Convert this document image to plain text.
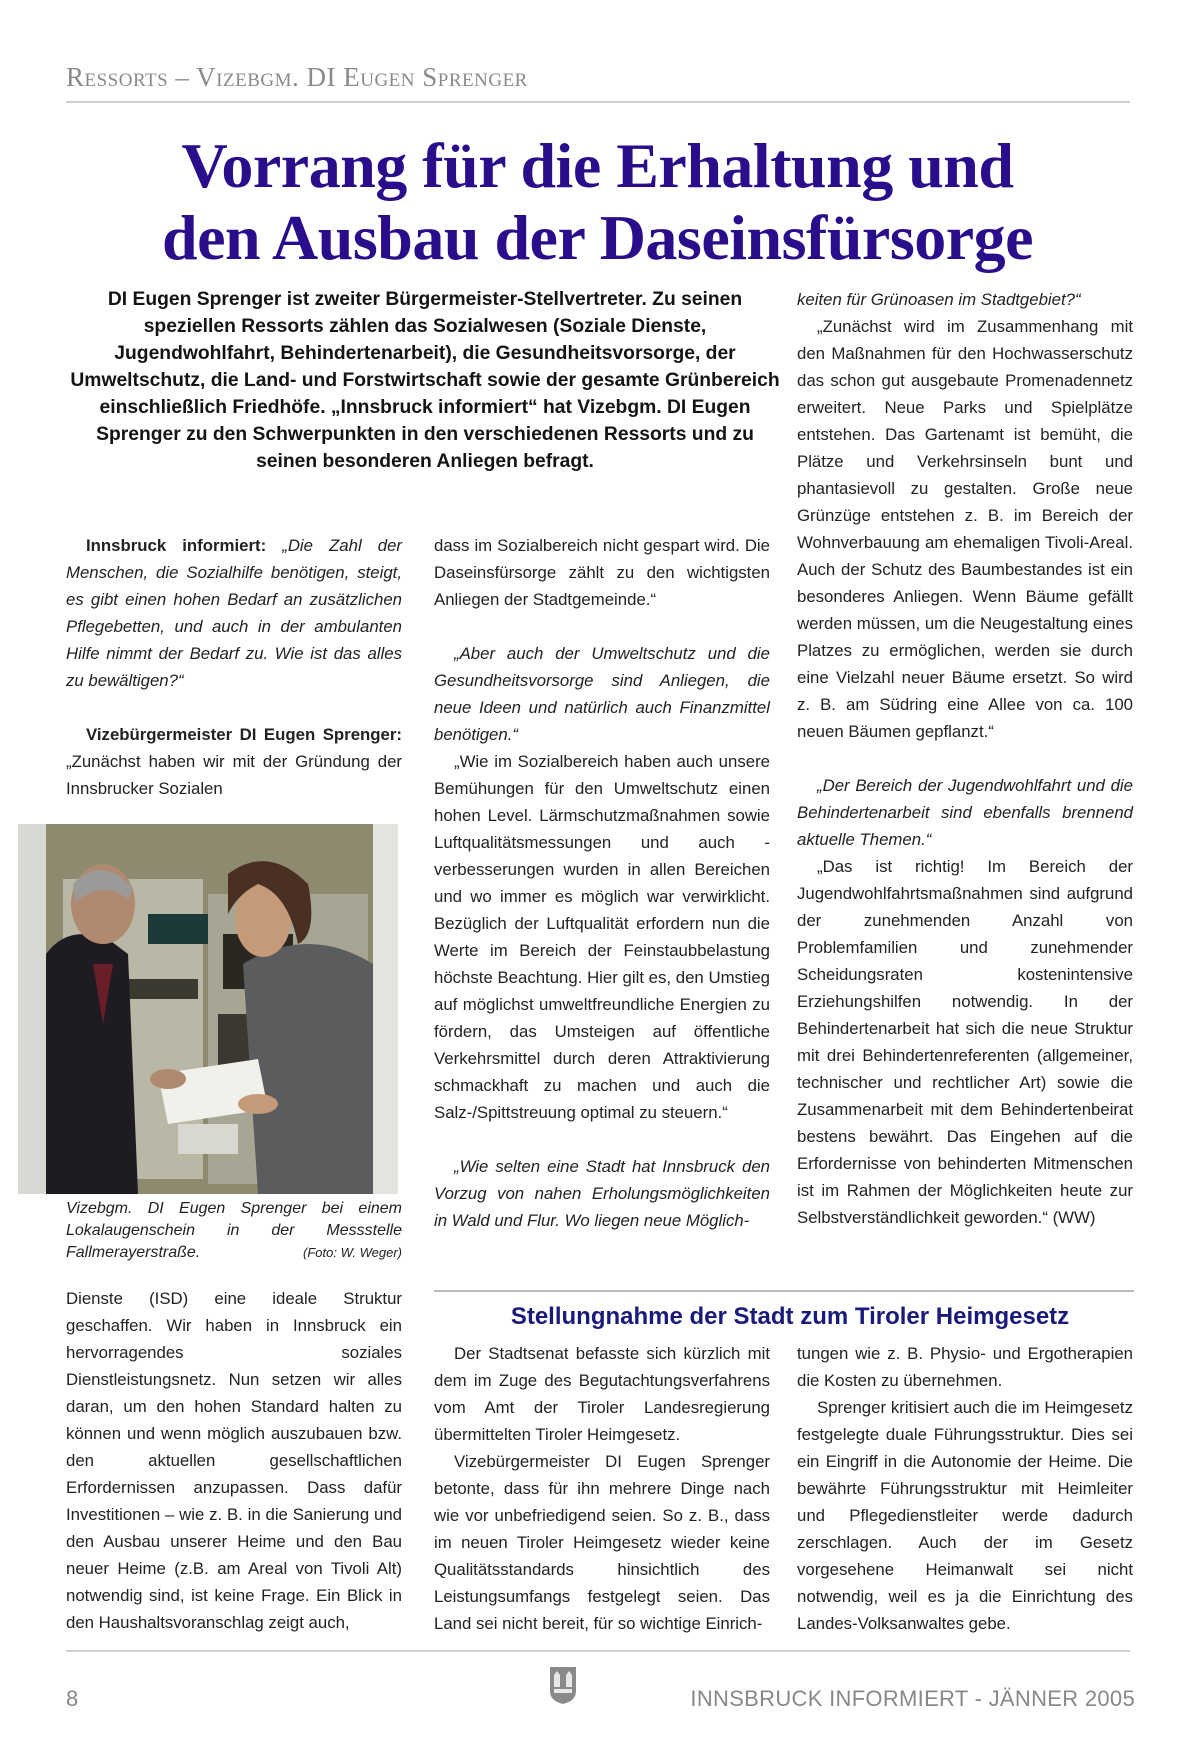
Ressorts – Vizebgm. DI Eugen Sprenger
Vorrang für die Erhaltung und
den Ausbau der Daseinsfürsorge
DI Eugen Sprenger ist zweiter Bürgermeister-Stellvertreter. Zu seinen speziellen Ressorts zählen das Sozialwesen (Soziale Dienste, Jugendwohlfahrt, Behindertenarbeit), die Gesundheitsvorsorge, der Umweltschutz, die Land- und Forstwirtschaft sowie der gesamte Grünbereich einschließlich Friedhöfe. „Innsbruck informiert“ hat Vizebgm. DI Eugen Sprenger zu den Schwerpunkten in den verschiedenen Ressorts und zu seinen besonderen Anliegen befragt.

Innsbruck informiert: „Die Zahl der Menschen, die Sozialhilfe benötigen, steigt, es gibt einen hohen Bedarf an zusätzlichen Pflegebetten, und auch in der ambulanten Hilfe nimmt der Bedarf zu. Wie ist das alles zu bewältigen?“

Vizebürgermeister DI Eugen Sprenger: „Zunächst haben wir mit der Gründung der Innsbrucker Sozialen

Vizebgm. DI Eugen Sprenger bei einem Lokalaugenschein in der Messstelle Fallmerayerstraße.	(Foto: W. Weger)

Dienste (ISD) eine ideale Struktur geschaffen. Wir haben in Innsbruck ein hervorragendes soziales Dienstleistungsnetz. Nun setzen wir alles daran, um den hohen Standard halten zu können und wenn möglich auszubauen bzw. den aktuellen gesellschaftlichen Erfordernissen anzupassen. Dass dafür Investitionen – wie z. B. in die Sanierung und den Ausbau unserer Heime und den Bau neuer Heime (z.B. am Areal von Tivoli Alt) notwendig sind, ist keine Frage. Ein Blick in den Haushaltsvoranschlag zeigt auch,

dass im Sozialbereich nicht gespart wird. Die Daseinsfürsorge zählt zu den wichtigsten Anliegen der Stadtgemeinde.“

„Aber auch der Umweltschutz und die Gesundheitsvorsorge sind Anliegen, die neue Ideen und natürlich auch Finanzmittel benötigen.“

„Wie im Sozialbereich haben auch unsere Bemühungen für den Umweltschutz einen hohen Level. Lärmschutzmaßnahmen sowie Luftqualitätsmessungen und auch -verbesserungen wurden in allen Bereichen und wo immer es möglich war verwirklicht. Bezüglich der Luftqualität erfordern nun die Werte im Bereich der Feinstaubbelastung höchste Beachtung. Hier gilt es, den Umstieg auf möglichst umweltfreundliche Energien zu fördern, das Umsteigen auf öffentliche Verkehrsmittel durch deren Attraktivierung schmackhaft zu machen und auch die Salz-/Spittstreuung optimal zu steuern.“

„Wie selten eine Stadt hat Innsbruck den Vorzug von nahen Erholungsmöglichkeiten in Wald und Flur. Wo liegen neue Möglich-

keiten für Grünoasen im Stadtgebiet?“

„Zunächst wird im Zusammenhang mit den Maßnahmen für den Hochwasserschutz das schon gut ausgebaute Promenadennetz erweitert. Neue Parks und Spielplätze entstehen. Das Gartenamt ist bemüht, die Plätze und Verkehrsinseln bunt und phantasievoll zu gestalten. Große neue Grünzüge entstehen z. B. im Bereich der Wohnverbauung am ehemaligen Tivoli-Areal. Auch der Schutz des Baumbestandes ist ein besonderes Anliegen. Wenn Bäume gefällt werden müssen, um die Neugestaltung eines Platzes zu ermöglichen, werden sie durch eine Vielzahl neuer Bäume ersetzt. So wird z. B. am Südring eine Allee von ca. 100 neuen Bäumen gepflanzt.“

„Der Bereich der Jugendwohlfahrt und die Behindertenarbeit sind ebenfalls brennend aktuelle Themen.“

„Das ist richtig! Im Bereich der Jugendwohlfahrtsmaßnahmen sind aufgrund der zunehmenden Anzahl von Problemfamilien und zunehmender Scheidungsraten kostenintensive Erziehungshilfen notwendig. In der Behindertenarbeit hat sich die neue Struktur mit drei Behindertenreferenten (allgemeiner, technischer und rechtlicher Art) sowie die Zusammenarbeit mit dem Behindertenbeirat bestens bewährt. Das Eingehen auf die Erfordernisse von behinderten Mitmenschen ist im Rahmen der Möglichkeiten heute zur Selbstverständlichkeit geworden.“ (WW)

Stellungnahme der Stadt zum Tiroler Heimgesetz

Der Stadtsenat befasste sich kürzlich mit dem im Zuge des Begutachtungsverfahrens vom Amt der Tiroler Landesregierung übermittelten Tiroler Heimgesetz.

Vizebürgermeister DI Eugen Sprenger betonte, dass für ihn mehrere Dinge nach wie vor unbefriedigend seien. So z. B., dass im neuen Tiroler Heimgesetz wieder keine Qualitätsstandards hinsichtlich des Leistungsumfangs festgelegt seien. Das Land sei nicht bereit, für so wichtige Einrich-

tungen wie z. B. Physio- und Ergotherapien die Kosten zu übernehmen.

Sprenger kritisiert auch die im Heimgesetz festgelegte duale Führungsstruktur. Dies sei ein Eingriff in die Autonomie der Heime. Die bewährte Führungsstruktur mit Heimleiter und Pflegedienstleiter werde dadurch zerschlagen. Auch der im Gesetz vorgesehene Heimanwalt sei nicht notwendig, weil es ja die Einrichtung des Landes-Volksanwaltes gebe.

8	INNSBRUCK INFORMIERT - JÄNNER 2005
